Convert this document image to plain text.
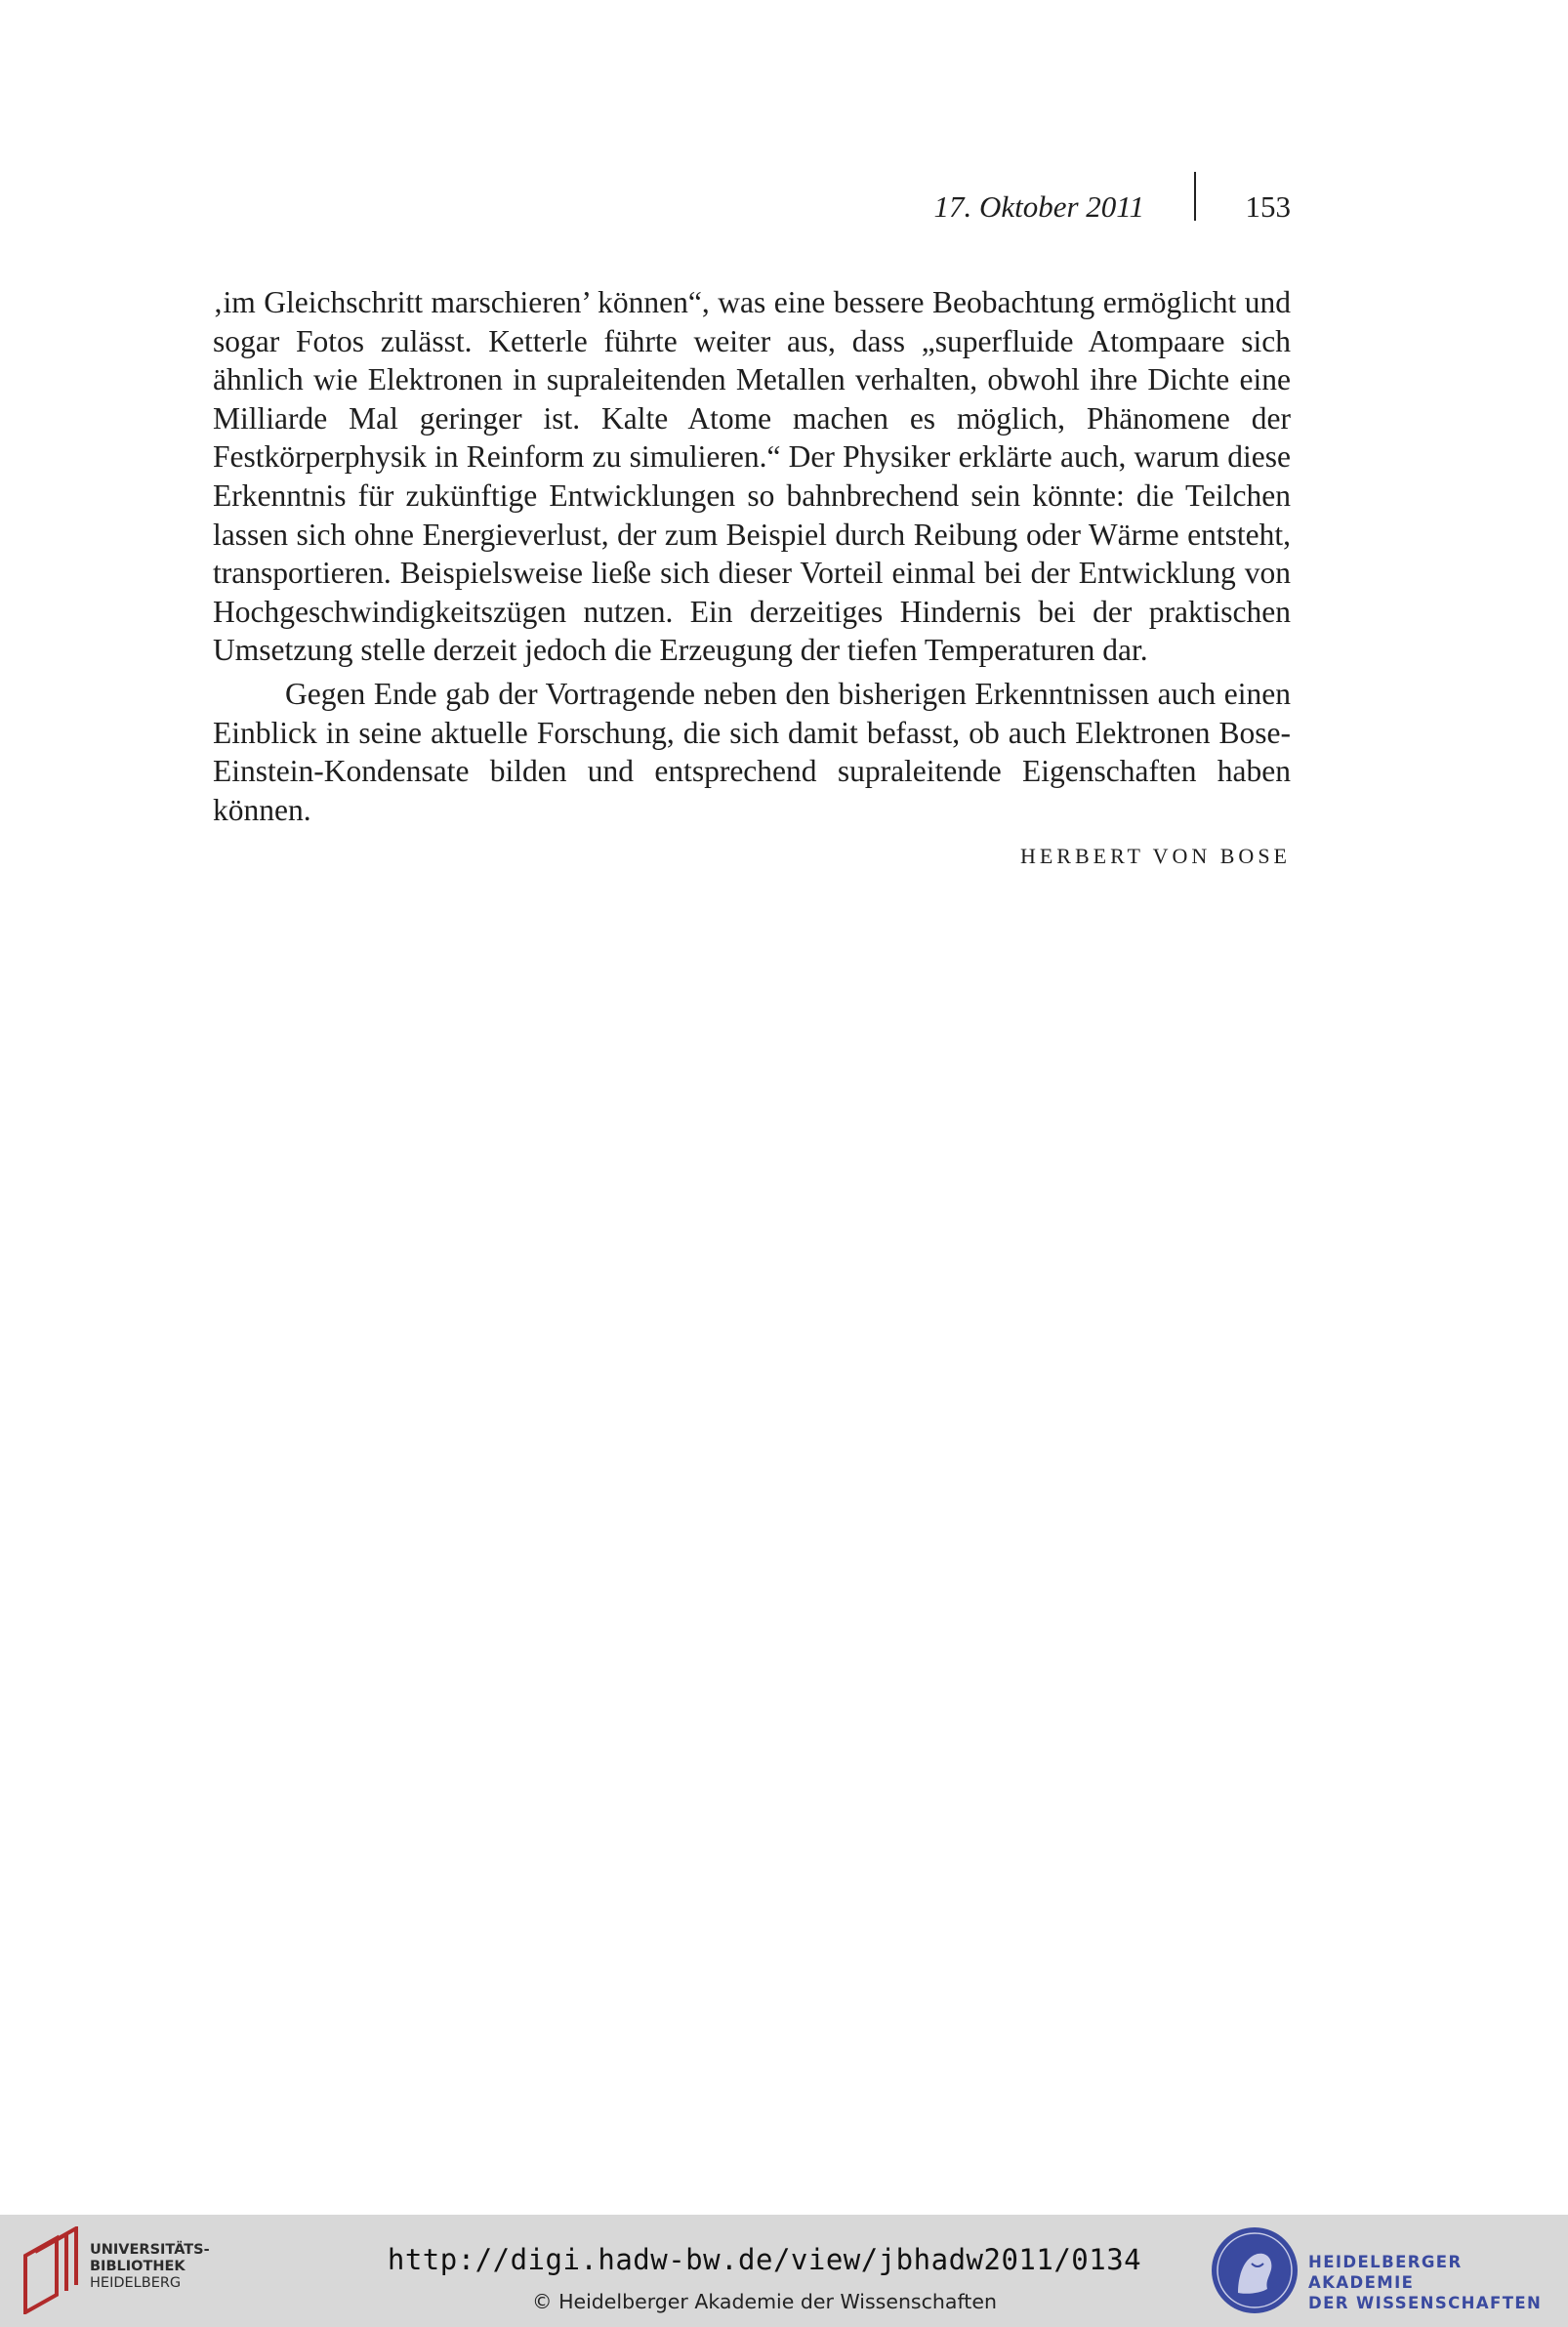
17. Oktober 2011	153

‚im Gleichschritt marschieren’ können“, was eine bessere Beobachtung ermöglicht und sogar Fotos zulässt. Ketterle führte weiter aus, dass „superfluide Atompaare sich ähnlich wie Elektronen in supraleitenden Metallen verhalten, obwohl ihre Dichte eine Milliarde Mal geringer ist. Kalte Atome machen es möglich, Phänomene der Festkörperphysik in Reinform zu simulieren.“ Der Physiker erklärte auch, warum diese Erkenntnis für zukünftige Entwicklungen so bahnbrechend sein könnte: die Teilchen lassen sich ohne Energieverlust, der zum Beispiel durch Reibung oder Wärme entsteht, transportieren. Beispielsweise ließe sich dieser Vorteil einmal bei der Entwicklung von Hochgeschwindigkeitszügen nutzen. Ein derzeitiges Hindernis bei der praktischen Umsetzung stelle derzeit jedoch die Erzeugung der tiefen Temperaturen dar.

Gegen Ende gab der Vortragende neben den bisherigen Erkenntnissen auch einen Einblick in seine aktuelle Forschung, die sich damit befasst, ob auch Elektronen Bose-Einstein-Kondensate bilden und entsprechend supraleitende Eigenschaften haben können.

HERBERT VON BOSE
UNIVERSITÄTS-
BIBLIOTHEK
HEIDELBERG
http://digi.hadw-bw.de/view/jbhadw2011/0134
© Heidelberger Akademie der Wissenschaften
HEIDELBERGER AKADEMIE
DER WISSENSCHAFTEN
